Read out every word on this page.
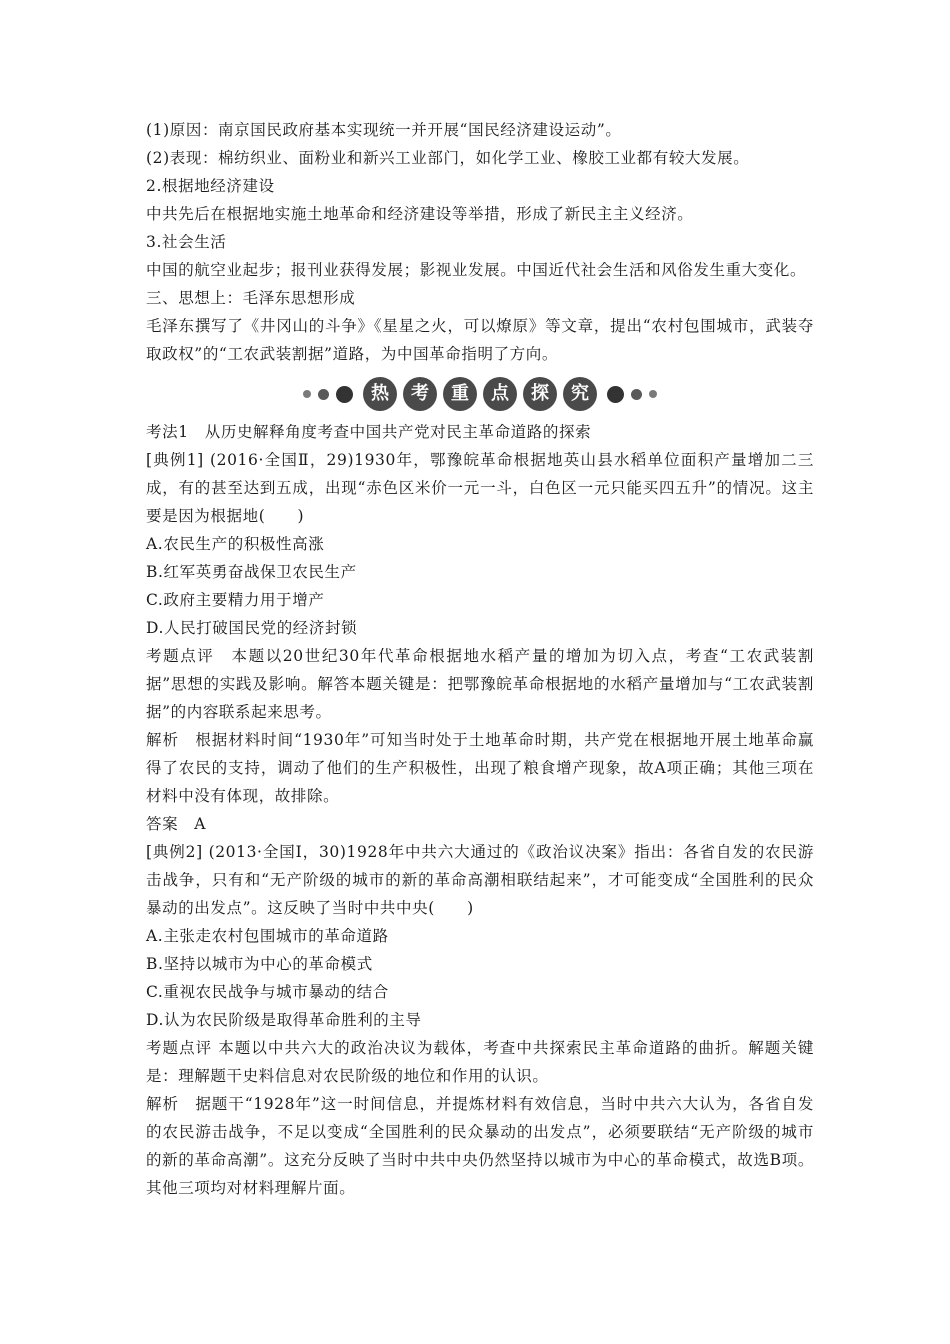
(1)原因：南京国民政府基本实现统一并开展“国民经济建设运动”。

(2)表现：棉纺织业、面粉业和新兴工业部门，如化学工业、橡胶工业都有较大发展。

2.根据地经济建设

中共先后在根据地实施土地革命和经济建设等举措，形成了新民主主义经济。

3.社会生活

中国的航空业起步；报刊业获得发展；影视业发展。中国近代社会生活和风俗发生重大变化。

三、思想上：毛泽东思想形成

毛泽东撰写了《井冈山的斗争》《星星之火，可以燎原》等文章，提出“农村包围城市，武装夺取政权”的“工农武装割据”道路，为中国革命指明了方向。

热	考	重	点	探	究

考法1　从历史解释角度考查中国共产党对民主革命道路的探索

[典例1] (2016·全国Ⅱ，29)1930年，鄂豫皖革命根据地英山县水稻单位面积产量增加二三成，有的甚至达到五成，出现“赤色区米价一元一斗，白色区一元只能买四五升”的情况。这主要是因为根据地(　　)

A.农民生产的积极性高涨

B.红军英勇奋战保卫农民生产

C.政府主要精力用于增产

D.人民打破国民党的经济封锁

考题点评　本题以20世纪30年代革命根据地水稻产量的增加为切入点，考查“工农武装割据”思想的实践及影响。解答本题关键是：把鄂豫皖革命根据地的水稻产量增加与“工农武装割据”的内容联系起来思考。

解析　根据材料时间“1930年”可知当时处于土地革命时期，共产党在根据地开展土地革命赢得了农民的支持，调动了他们的生产积极性，出现了粮食增产现象，故A项正确；其他三项在材料中没有体现，故排除。

答案　A

[典例2] (2013·全国Ⅰ，30)1928年中共六大通过的《政治议决案》指出：各省自发的农民游击战争，只有和“无产阶级的城市的新的革命高潮相联结起来”，才可能变成“全国胜利的民众暴动的出发点”。这反映了当时中共中央(　　)

A.主张走农村包围城市的革命道路

B.坚持以城市为中心的革命模式

C.重视农民战争与城市暴动的结合

D.认为农民阶级是取得革命胜利的主导

考题点评 本题以中共六大的政治决议为载体，考查中共探索民主革命道路的曲折。解题关键是：理解题干史料信息对农民阶级的地位和作用的认识。

解析　据题干“1928年”这一时间信息，并提炼材料有效信息，当时中共六大认为，各省自发的农民游击战争，不足以变成“全国胜利的民众暴动的出发点”，必须要联结“无产阶级的城市的新的革命高潮”。这充分反映了当时中共中央仍然坚持以城市为中心的革命模式，故选B项。其他三项均对材料理解片面。
